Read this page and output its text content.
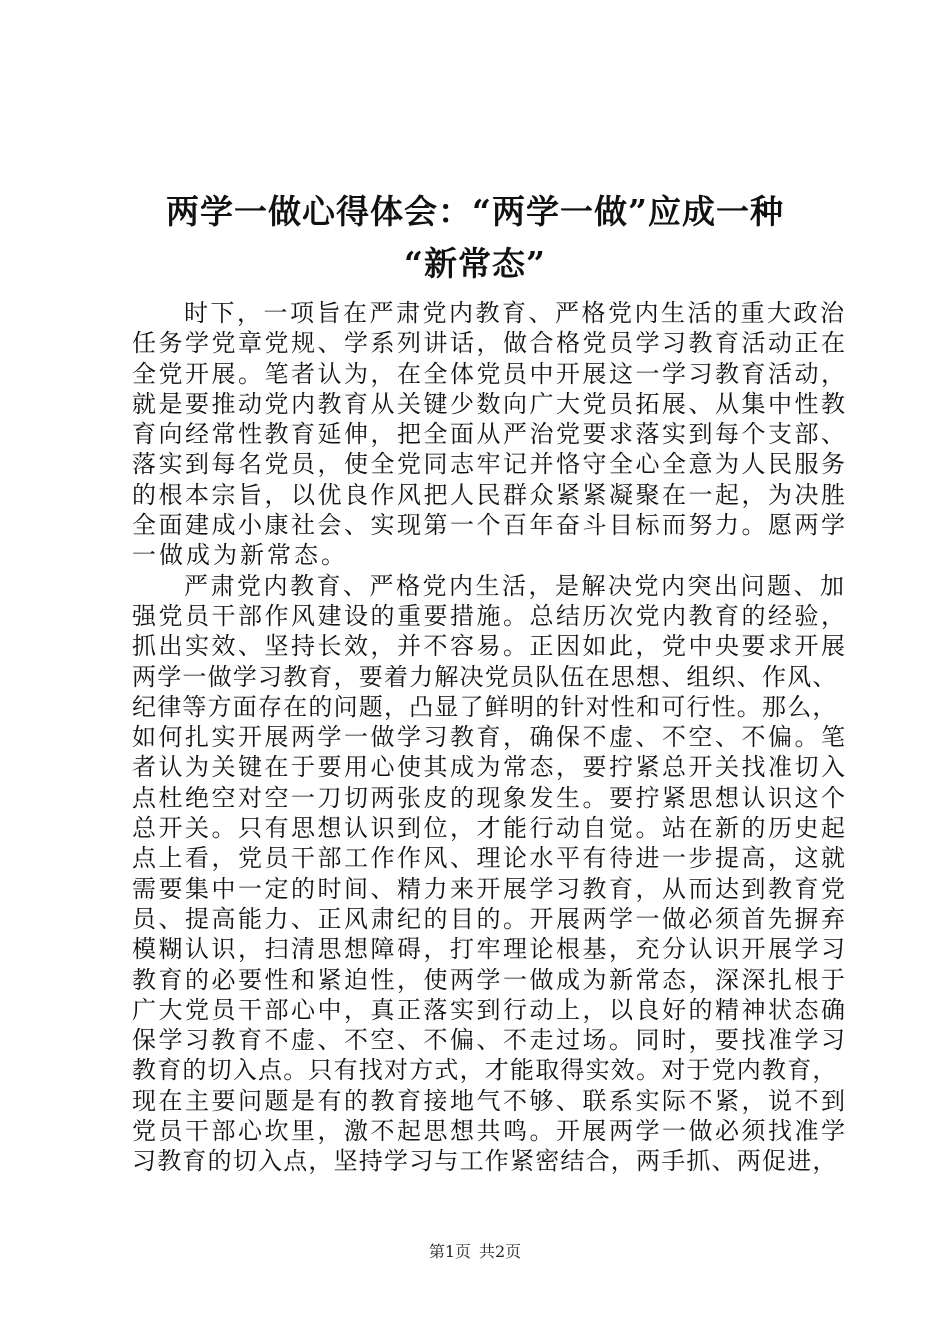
两学一做心得体会：“两学一做”应成一种
“新常态”
时下，一项旨在严肃党内教育、严格党内生活的重大政治
任务学党章党规、学系列讲话，做合格党员学习教育活动正在
全党开展。笔者认为，在全体党员中开展这一学习教育活动，
就是要推动党内教育从关键少数向广大党员拓展、从集中性教
育向经常性教育延伸，把全面从严治党要求落实到每个支部、
落实到每名党员，使全党同志牢记并恪守全心全意为人民服务
的根本宗旨，以优良作风把人民群众紧紧凝聚在一起，为决胜
全面建成小康社会、实现第一个百年奋斗目标而努力。愿两学
一做成为新常态。
严肃党内教育、严格党内生活，是解决党内突出问题、加
强党员干部作风建设的重要措施。总结历次党内教育的经验，
抓出实效、坚持长效，并不容易。正因如此，党中央要求开展
两学一做学习教育，要着力解决党员队伍在思想、组织、作风、
纪律等方面存在的问题，凸显了鲜明的针对性和可行性。那么，
如何扎实开展两学一做学习教育，确保不虚、不空、不偏。笔
者认为关键在于要用心使其成为常态，要拧紧总开关找准切入
点杜绝空对空一刀切两张皮的现象发生。要拧紧思想认识这个
总开关。只有思想认识到位，才能行动自觉。站在新的历史起
点上看，党员干部工作作风、理论水平有待进一步提高，这就
需要集中一定的时间、精力来开展学习教育，从而达到教育党
员、提高能力、正风肃纪的目的。开展两学一做必须首先摒弃
模糊认识，扫清思想障碍，打牢理论根基，充分认识开展学习
教育的必要性和紧迫性，使两学一做成为新常态，深深扎根于
广大党员干部心中，真正落实到行动上，以良好的精神状态确
保学习教育不虚、不空、不偏、不走过场。同时，要找准学习
教育的切入点。只有找对方式，才能取得实效。对于党内教育，
现在主要问题是有的教育接地气不够、联系实际不紧，说不到
党员干部心坎里，激不起思想共鸣。开展两学一做必须找准学
习教育的切入点，坚持学习与工作紧密结合，两手抓、两促进，
第1页 共2页
